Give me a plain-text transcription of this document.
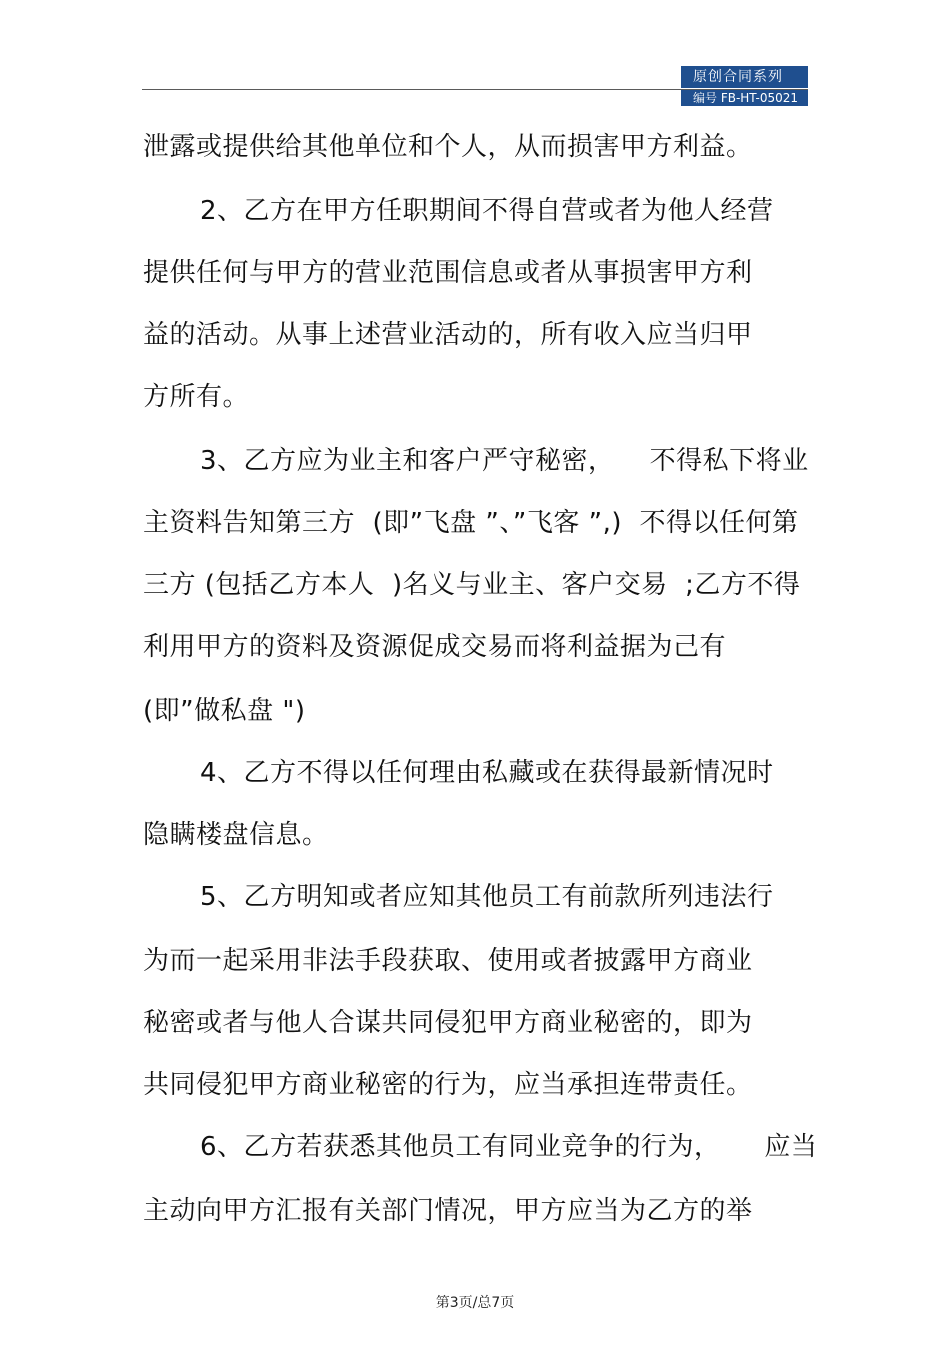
原创合同系列
编号 FB-HT-05021
泄露或提供给其他单位和个人，从而损害甲方利益。
2、乙方在甲方任职期间不得自营或者为他人经营
提供任何与甲方的营业范围信息或者从事损害甲方利
益的活动。从事上述营业活动的，所有收入应当归甲
方所有。
3、乙方应为业主和客户严守秘密，    不得私下将业
主资料告知第三方  (即”飞盘 ”、”飞客 ”,)  不得以任何第
三方 (包括乙方本人  )名义与业主、客户交易  ;乙方不得
利用甲方的资料及资源促成交易而将利益据为己有
(即”做私盘 ")
4、乙方不得以任何理由私藏或在获得最新情况时
隐瞒楼盘信息。
5、乙方明知或者应知其他员工有前款所列违法行
为而一起采用非法手段获取、使用或者披露甲方商业
秘密或者与他人合谋共同侵犯甲方商业秘密的，即为
共同侵犯甲方商业秘密的行为，应当承担连带责任。
6、乙方若获悉其他员工有同业竞争的行为，     应当
主动向甲方汇报有关部门情况，甲方应当为乙方的举
第3页/总7页
